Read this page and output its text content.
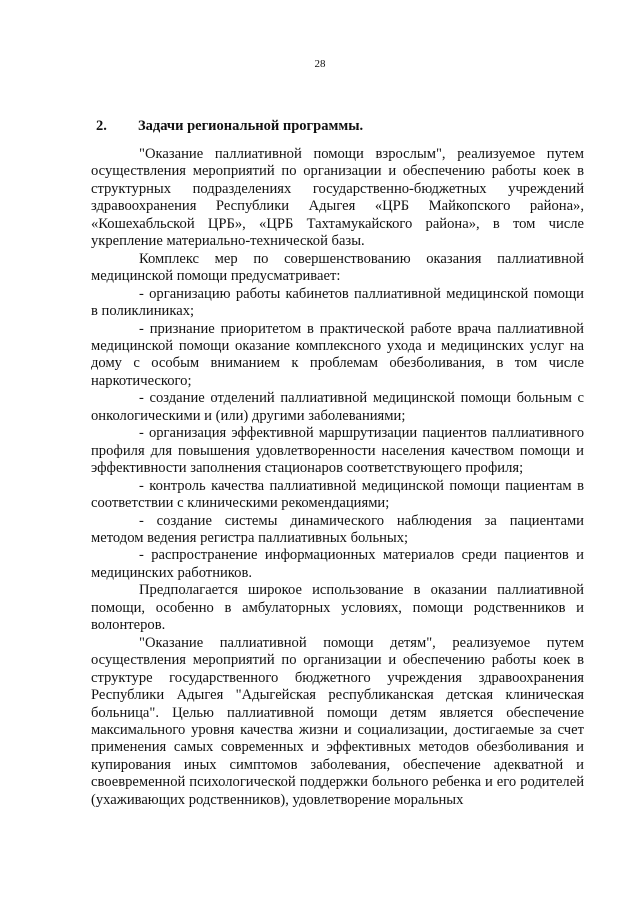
28
2. Задачи региональной программы.

"Оказание паллиативной помощи взрослым", реализуемое путем осуществления мероприятий по организации и обеспечению работы коек в структурных подразделениях государственно-бюджетных учреждений здравоохранения Республики Адыгея «ЦРБ Майкопского района», «Кошехабльской ЦРБ», «ЦРБ Тахтамукайского района», в том числе укрепление материально-технической базы.

Комплекс мер по совершенствованию оказания паллиативной медицинской помощи предусматривает:

- организацию работы кабинетов паллиативной медицинской помощи в поликлиниках;

- признание приоритетом в практической работе врача паллиативной медицинской помощи оказание комплексного ухода и медицинских услуг на дому с особым вниманием к проблемам обезболивания, в том числе наркотического;

- создание отделений паллиативной медицинской помощи больным с онкологическими и (или) другими заболеваниями;

- организация эффективной маршрутизации пациентов паллиативного профиля для повышения удовлетворенности населения качеством помощи и эффективности заполнения стационаров соответствующего профиля;

- контроль качества паллиативной медицинской помощи пациентам в соответствии с клиническими рекомендациями;

- создание системы динамического наблюдения за пациентами методом ведения регистра паллиативных больных;

- распространение информационных материалов среди пациентов и медицинских работников.

Предполагается широкое использование в оказании паллиативной помощи, особенно в амбулаторных условиях, помощи родственников и волонтеров.

"Оказание паллиативной помощи детям", реализуемое путем осуществления мероприятий по организации и обеспечению работы коек в структуре государственного бюджетного учреждения здравоохранения Республики Адыгея "Адыгейская республиканская детская клиническая больница". Целью паллиативной помощи детям является обеспечение максимального уровня качества жизни и социализации, достигаемые за счет применения самых современных и эффективных методов обезболивания и купирования иных симптомов заболевания, обеспечение адекватной и своевременной психологической поддержки больного ребенка и его родителей (ухаживающих родственников), удовлетворение моральных
